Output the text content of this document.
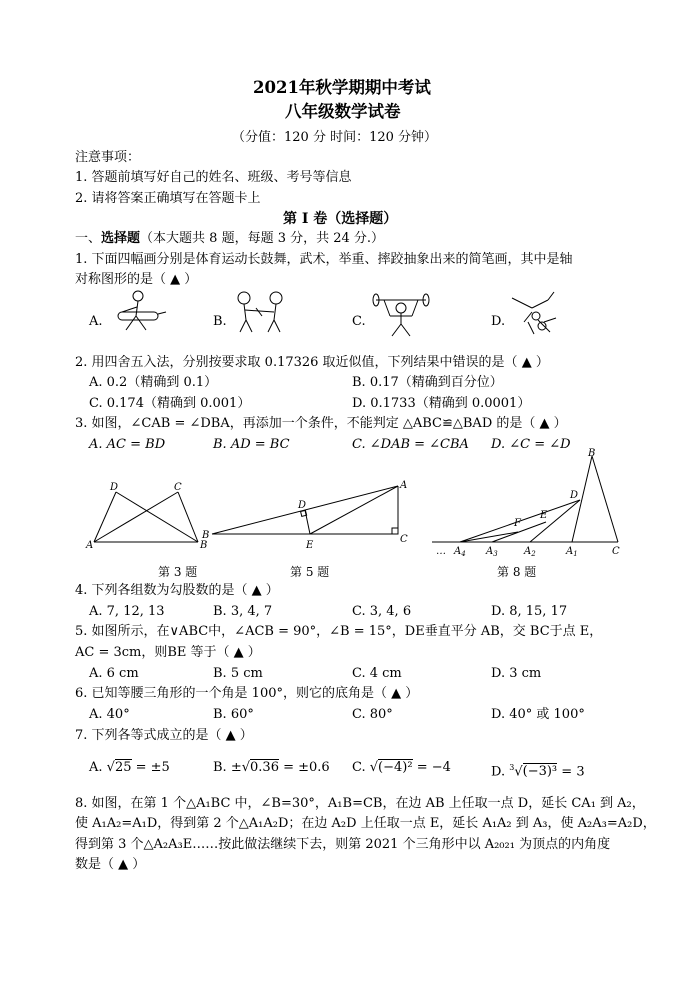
2021年秋学期期中考试
八年级数学试卷
（分值：120 分 时间：120 分钟）
注意事项：
1. 答题前填写好自己的姓名、班级、考号等信息
2. 请将答案正确填写在答题卡上
第 I 卷（选择题）
一、选择题（本大题共 8 题，每题 3 分，共 24 分.）
1. 下面四幅画分别是体育运动长鼓舞，武术，举重、摔跤抽象出来的简笔画，其中是轴
对称图形的是（ ▲ ）
A.	B.	C.	D.
2. 用四舍五入法，分别按要求取 0.17326 取近似值，下列结果中错误的是（ ▲ ）
A. 0.2（精确到 0.1）	B. 0.17（精确到百分位）
C. 0.174（精确到 0.001）	D. 0.1733（精确到 0.0001）
3. 如图，∠CAB = ∠DBA，再添加一个条件，不能判定 △ABC≌△BAD 的是（ ▲ ）
A. AC = BD	B. AD = BC	C. ∠DAB = ∠CBA D. ∠C = ∠D
A	B
C
D
第 3 题
B
A
C
D
E
第 5 题
B
C
D
E
F
$A_1$
$A_2$
$A_3$
$A_4$
…
第 8 题
4. 下列各组数为勾股数的是（ ▲ ）
A. 7, 12, 13	B. 3, 4, 7	C. 3, 4, 6	D. 8, 15, 17
5. 如图所示，在∨ABC中，∠ACB = 90°，∠B = 15°，DE垂直平分 AB，交 BC于点 E，
AC = 3cm，则BE 等于（ ▲ ）
A. 6 cm	B. 5 cm	C. 4 cm	D. 3 cm
6. 已知等腰三角形的一个角是 100°，则它的底角是（ ▲ ）
A. 40°	B. 60°	C. 80°	D. 40° 或 100°
7. 下列各等式成立的是（ ▲ ）
A. √25 = ±5	B. ±√0.36 = ±0.6 C. √(−4)² = −4	D. $^3$√(−3)³ = 3
8. 如图，在第 1 个△A₁BC 中，∠B=30°，A₁B=CB，在边 AB 上任取一点 D，延长 CA₁ 到 A₂，
使 A₁A₂=A₁D，得到第 2 个△A₁A₂D；在边 A₂D 上任取一点 E，延长 A₁A₂ 到 A₃，使 A₂A₃=A₂D，
得到第 3 个△A₂A₃E……按此做法继续下去，则第 2021 个三角形中以 A₂₀₂₁ 为顶点的内角度
数是（ ▲ ）
